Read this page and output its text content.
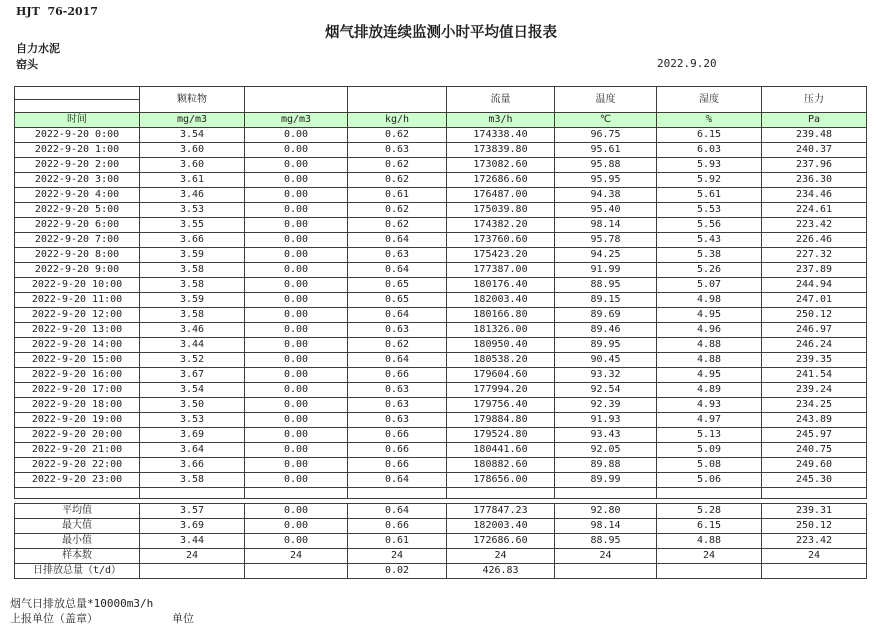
HJT  76-2017
烟气排放连续监测小时平均值日报表
自力水泥
窑头	2022.9.20
	颗粒物			流量	温度	湿度	压力

时间	mg/m3	mg/m3	kg/h	m3/h	℃	%	Pa
2022-9-20 0:00	3.54	0.00	0.62	174338.40	96.75	6.15	239.48
2022-9-20 1:00	3.60	0.00	0.63	173839.80	95.61	6.03	240.37
2022-9-20 2:00	3.60	0.00	0.62	173082.60	95.88	5.93	237.96
2022-9-20 3:00	3.61	0.00	0.62	172686.60	95.95	5.92	236.30
2022-9-20 4:00	3.46	0.00	0.61	176487.00	94.38	5.61	234.46
2022-9-20 5:00	3.53	0.00	0.62	175039.80	95.40	5.53	224.61
2022-9-20 6:00	3.55	0.00	0.62	174382.20	98.14	5.56	223.42
2022-9-20 7:00	3.66	0.00	0.64	173760.60	95.78	5.43	226.46
2022-9-20 8:00	3.59	0.00	0.63	175423.20	94.25	5.38	227.32
2022-9-20 9:00	3.58	0.00	0.64	177387.00	91.99	5.26	237.89
2022-9-20 10:00	3.58	0.00	0.65	180176.40	88.95	5.07	244.94
2022-9-20 11:00	3.59	0.00	0.65	182003.40	89.15	4.98	247.01
2022-9-20 12:00	3.58	0.00	0.64	180166.80	89.69	4.95	250.12
2022-9-20 13:00	3.46	0.00	0.63	181326.00	89.46	4.96	246.97
2022-9-20 14:00	3.44	0.00	0.62	180950.40	89.95	4.88	246.24
2022-9-20 15:00	3.52	0.00	0.64	180538.20	90.45	4.88	239.35
2022-9-20 16:00	3.67	0.00	0.66	179604.60	93.32	4.95	241.54
2022-9-20 17:00	3.54	0.00	0.63	177994.20	92.54	4.89	239.24
2022-9-20 18:00	3.50	0.00	0.63	179756.40	92.39	4.93	234.25
2022-9-20 19:00	3.53	0.00	0.63	179884.80	91.93	4.97	243.89
2022-9-20 20:00	3.69	0.00	0.66	179524.80	93.43	5.13	245.97
2022-9-20 21:00	3.64	0.00	0.66	180441.60	92.05	5.09	240.75
2022-9-20 22:00	3.66	0.00	0.66	180882.60	89.88	5.08	249.60
2022-9-20 23:00	3.58	0.00	0.64	178656.00	89.99	5.06	245.30

平均值	3.57	0.00	0.64	177847.23	92.80	5.28	239.31
最大值	3.69	0.00	0.66	182003.40	98.14	6.15	250.12
最小值	3.44	0.00	0.61	172686.60	88.95	4.88	223.42
样本数	24	24	24	24	24	24	24
日排放总量（t/d）			0.02	426.83			
烟气日排放总量*10000m3/h
上报单位（盖章）	单位
